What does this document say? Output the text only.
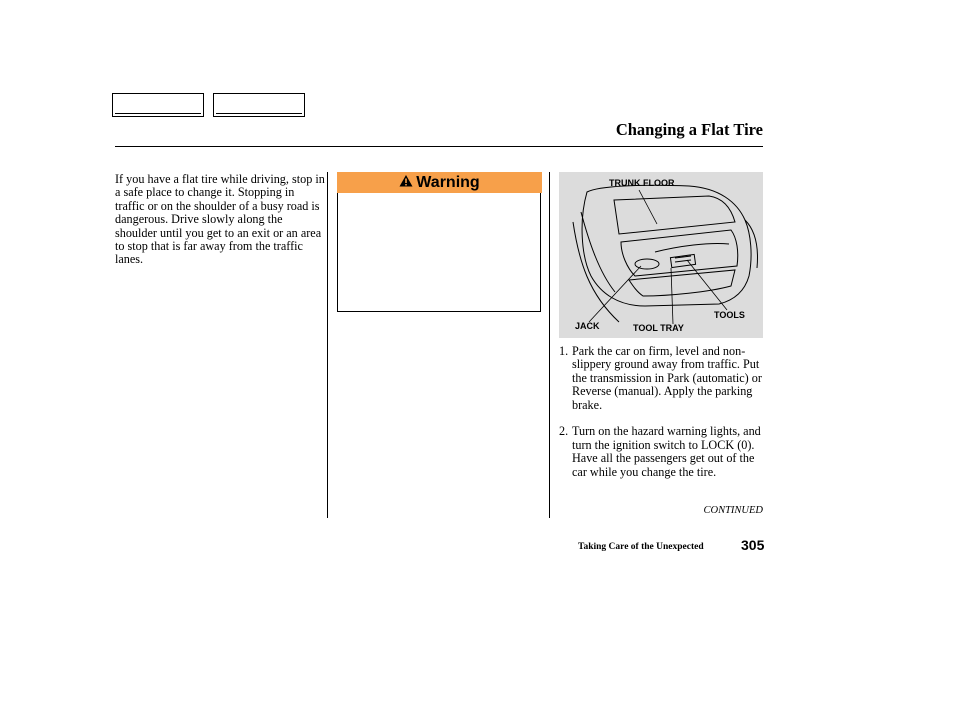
Changing a Flat Tire
If you have a flat tire while driving, stop in a safe place to change it. Stopping in traffic or on the shoulder of a busy road is dangerous. Drive slowly along the shoulder until you get to an exit or an area to stop that is far away from the traffic lanes.
Warning	TRUNK FLOOR
TOOLS
JACK	TOOL TRAY
1. Park the car on firm, level and non-slippery ground away from traffic. Put the transmission in Park (automatic) or Reverse (manual). Apply the parking brake.
2. Turn on the hazard warning lights, and turn the ignition switch to LOCK (0). Have all the passengers get out of the car while you change the tire.
CONTINUED
Taking Care of the Unexpected	305
